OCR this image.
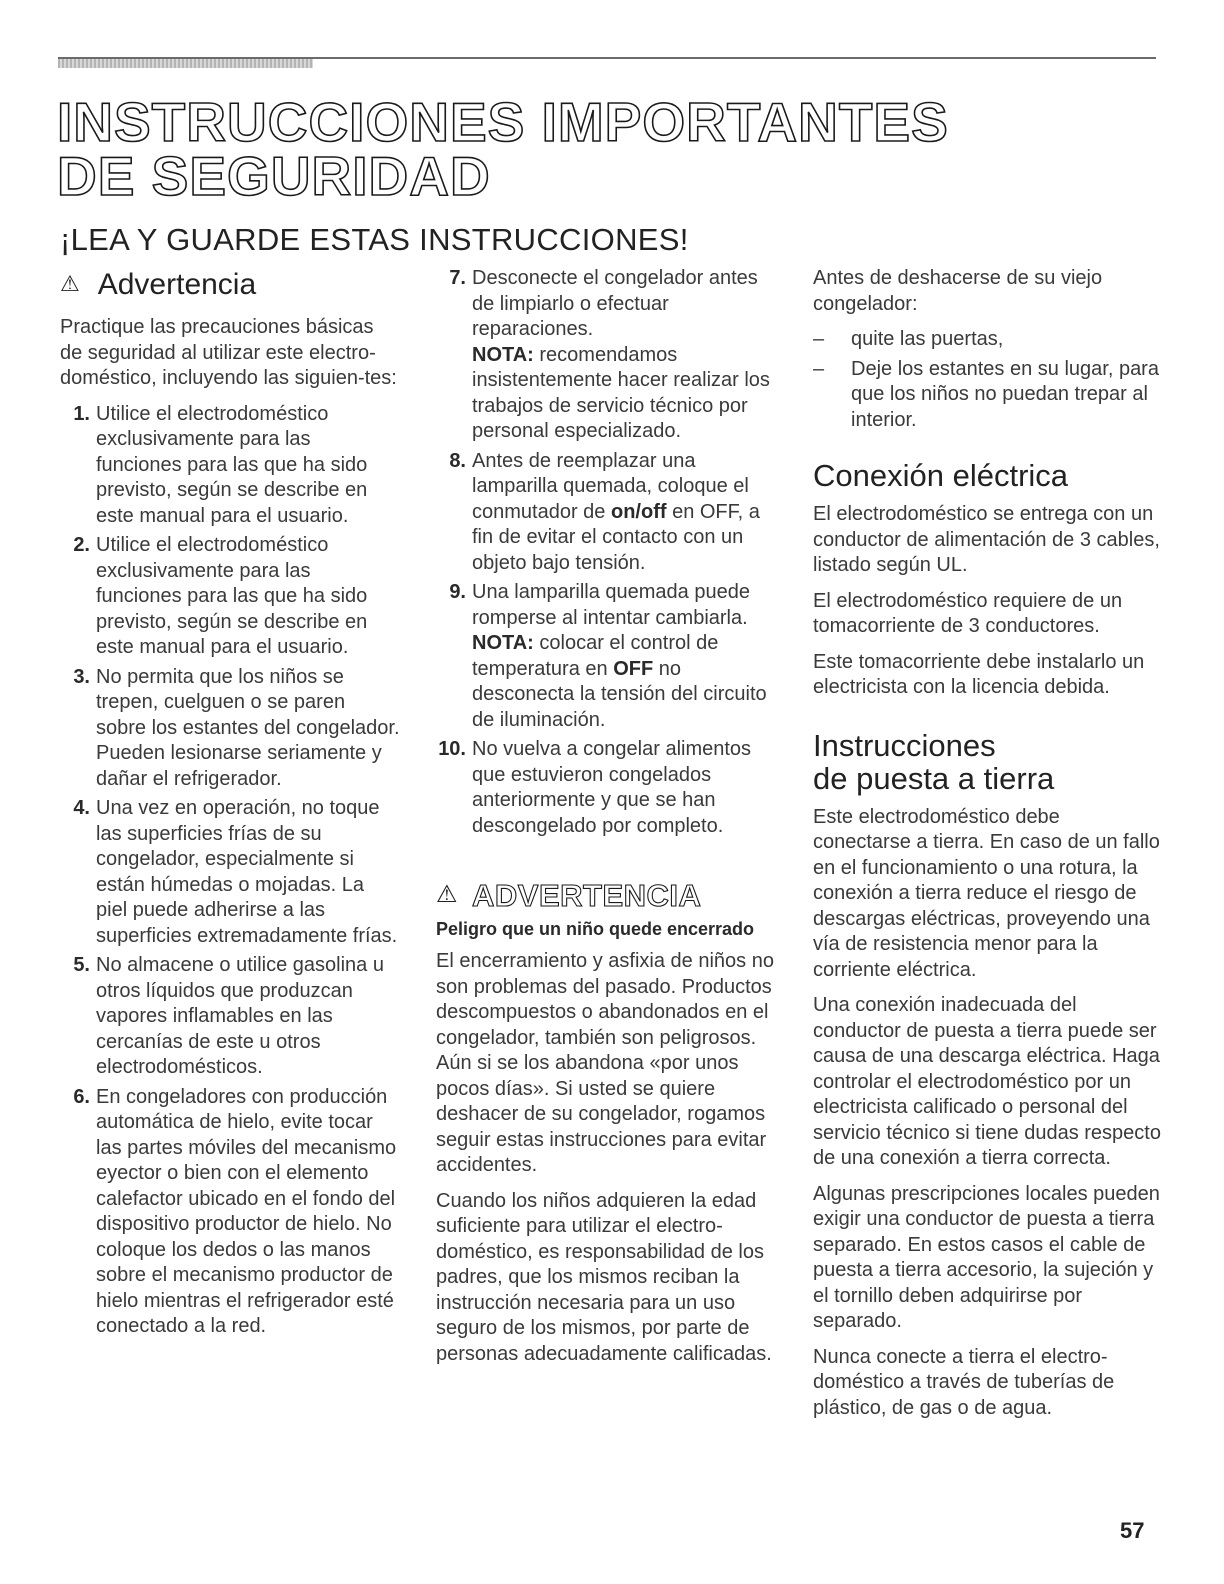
INSTRUCCIONES IMPORTANTES
DE SEGURIDAD
¡LEA Y GUARDE ESTAS INSTRUCCIONES!
⚠ Advertencia

Practique las precauciones básicas de seguridad al utilizar este electro-doméstico, incluyendo las siguien-tes:

1. Utilice el electrodoméstico exclusivamente para las funciones para las que ha sido previsto, según se describe en este manual para el usuario.
2. Utilice el electrodoméstico exclusivamente para las funciones para las que ha sido previsto, según se describe en este manual para el usuario.
3. No permita que los niños se trepen, cuelguen o se paren sobre los estantes del congelador. Pueden lesionarse seriamente y dañar el refrigerador.
4. Una vez en operación, no toque las superficies frías de su congelador, especialmente si están húmedas o mojadas. La piel puede adherirse a las superficies extremadamente frías.
5. No almacene o utilice gasolina u otros líquidos que produzcan vapores inflamables en las cercanías de este u otros electrodomésticos.
6. En congeladores con producción automática de hielo, evite tocar las partes móviles del mecanismo eyector o bien con el elemento calefactor ubicado en el fondo del dispositivo productor de hielo. No coloque los dedos o las manos sobre el mecanismo productor de hielo mientras el refrigerador esté conectado a la red.
7. Desconecte el congelador antes de limpiarlo o efectuar reparaciones.
NOTA: recomendamos insistentemente hacer realizar los trabajos de servicio técnico por personal especializado.
8. Antes de reemplazar una lamparilla quemada, coloque el conmutador de on/off en OFF, a fin de evitar el contacto con un objeto bajo tensión.
9. Una lamparilla quemada puede romperse al intentar cambiarla. NOTA: colocar el control de temperatura en OFF no desconecta la tensión del circuito de iluminación.
10. No vuelva a congelar alimentos que estuvieron congelados anteriormente y que se han descongelado por completo.
⚠ ADVERTENCIA
Peligro que un niño quede encerrado

El encerramiento y asfixia de niños no son problemas del pasado. Productos descompuestos o abandonados en el congelador, también son peligrosos. Aún si se los abandona «por unos pocos días». Si usted se quiere deshacer de su congelador, rogamos seguir estas instrucciones para evitar accidentes.

Cuando los niños adquieren la edad suficiente para utilizar el electro-doméstico, es responsabilidad de los padres, que los mismos reciban la instrucción necesaria para un uso seguro de los mismos, por parte de personas adecuadamente calificadas.

Antes de deshacerse de su viejo congelador:

– quite las puertas,
– Deje los estantes en su lugar, para que los niños no puedan trepar al interior.
Conexión eléctrica

El electrodoméstico se entrega con un conductor de alimentación de 3 cables, listado según UL.

El electrodoméstico requiere de un tomacorriente de 3 conductores.

Este tomacorriente debe instalarlo un electricista con la licencia debida.

Instrucciones
de puesta a tierra

Este electrodoméstico debe conectarse a tierra. En caso de un fallo en el funcionamiento o una rotura, la conexión a tierra reduce el riesgo de descargas eléctricas, proveyendo una vía de resistencia menor para la corriente eléctrica.

Una conexión inadecuada del conductor de puesta a tierra puede ser causa de una descarga eléctrica. Haga controlar el electrodoméstico por un electricista calificado o personal del servicio técnico si tiene dudas respecto de una conexión a tierra correcta.

Algunas prescripciones locales pueden exigir una conductor de puesta a tierra separado. En estos casos el cable de puesta a tierra accesorio, la sujeción y el tornillo deben adquirirse por separado.

Nunca conecte a tierra el electro-doméstico a través de tuberías de plástico, de gas o de agua.

57
